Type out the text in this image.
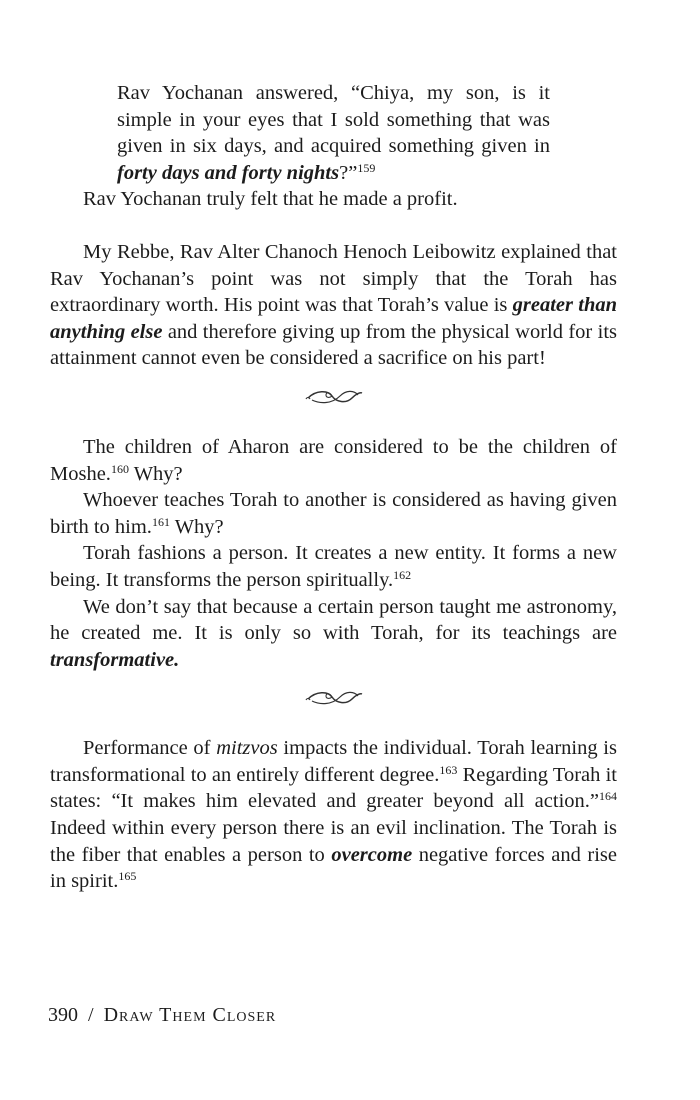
Rav Yochanan answered, “Chiya, my son, is it simple in your eyes that I sold something that was given in six days, and acquired something given in forty days and forty nights?”$^{159}$

Rav Yochanan truly felt that he made a profit.

My Rebbe, Rav Alter Chanoch Henoch Leibowitz explained that Rav Yochanan’s point was not simply that the Torah has extraordinary worth. His point was that Torah’s value is greater than anything else and therefore giving up from the physical world for its attainment cannot even be considered a sacrifice on his part!

The children of Aharon are considered to be the children of Moshe.$^{160}$ Why?

Whoever teaches Torah to another is considered as having given birth to him.$^{161}$ Why?

Torah fashions a person. It creates a new entity. It forms a new being. It transforms the person spiritually.$^{162}$

We don’t say that because a certain person taught me astronomy, he created me. It is only so with Torah, for its teachings are transformative.

Performance of mitzvos impacts the individual. Torah learning is transformational to an entirely different degree.$^{163}$ Regarding Torah it states: “It makes him elevated and greater beyond all action.”$^{164}$ Indeed within every person there is an evil inclination. The Torah is the fiber that enables a person to overcome negative forces and rise in spirit.$^{165}$

390 / Draw Them Closer
